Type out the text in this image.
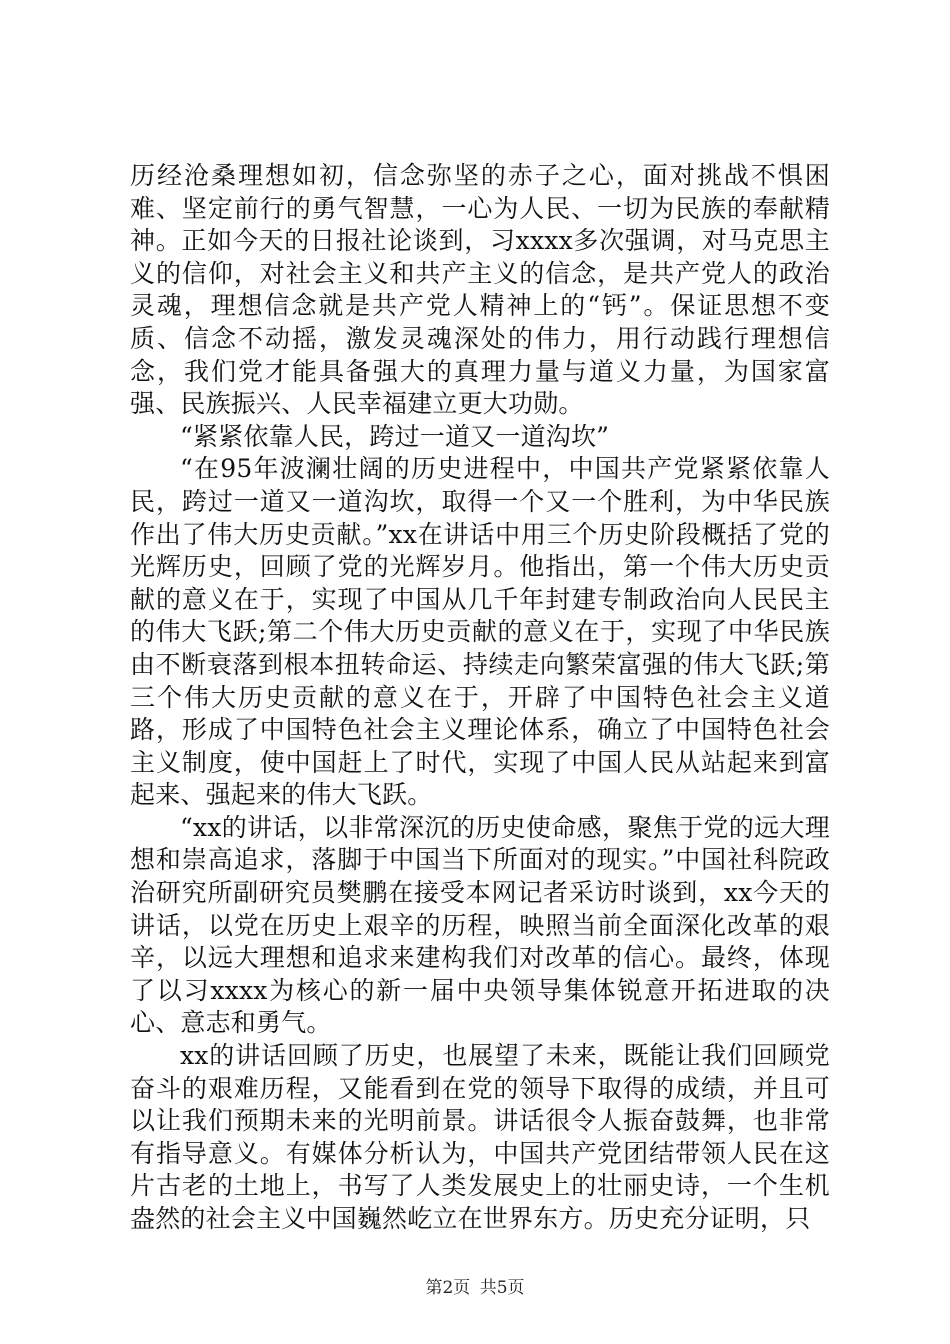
历经沧桑理想如初，信念弥坚的赤子之心，面对挑战不惧困难、坚定前行的勇气智慧，一心为人民、一切为民族的奉献精神。正如今天的日报社论谈到，习xxxx多次强调，对马克思主义的信仰，对社会主义和共产主义的信念，是共产党人的政治灵魂，理想信念就是共产党人精神上的“钙”。保证思想不变质、信念不动摇，激发灵魂深处的伟力，用行动践行理想信念，我们党才能具备强大的真理力量与道义力量，为国家富强、民族振兴、人民幸福建立更大功勋。

“紧紧依靠人民，跨过一道又一道沟坎”

“在95年波澜壮阔的历史进程中，中国共产党紧紧依靠人民，跨过一道又一道沟坎，取得一个又一个胜利，为中华民族作出了伟大历史贡献。”xx在讲话中用三个历史阶段概括了党的光辉历史，回顾了党的光辉岁月。他指出，第一个伟大历史贡献的意义在于，实现了中国从几千年封建专制政治向人民民主的伟大飞跃;第二个伟大历史贡献的意义在于，实现了中华民族由不断衰落到根本扭转命运、持续走向繁荣富强的伟大飞跃;第三个伟大历史贡献的意义在于，开辟了中国特色社会主义道路，形成了中国特色社会主义理论体系，确立了中国特色社会主义制度，使中国赶上了时代，实现了中国人民从站起来到富起来、强起来的伟大飞跃。

“xx的讲话，以非常深沉的历史使命感，聚焦于党的远大理想和崇高追求，落脚于中国当下所面对的现实。”中国社科院政治研究所副研究员樊鹏在接受本网记者采访时谈到，xx今天的讲话，以党在历史上艰辛的历程，映照当前全面深化改革的艰辛，以远大理想和追求来建构我们对改革的信心。最终，体现了以习xxxx为核心的新一届中央领导集体锐意开拓进取的决心、意志和勇气。

xx的讲话回顾了历史，也展望了未来，既能让我们回顾党奋斗的艰难历程，又能看到在党的领导下取得的成绩，并且可以让我们预期未来的光明前景。讲话很令人振奋鼓舞，也非常有指导意义。有媒体分析认为，中国共产党团结带领人民在这片古老的土地上，书写了人类发展史上的壮丽史诗，一个生机盎然的社会主义中国巍然屹立在世界东方。历史充分证明，只

第2页 共5页
